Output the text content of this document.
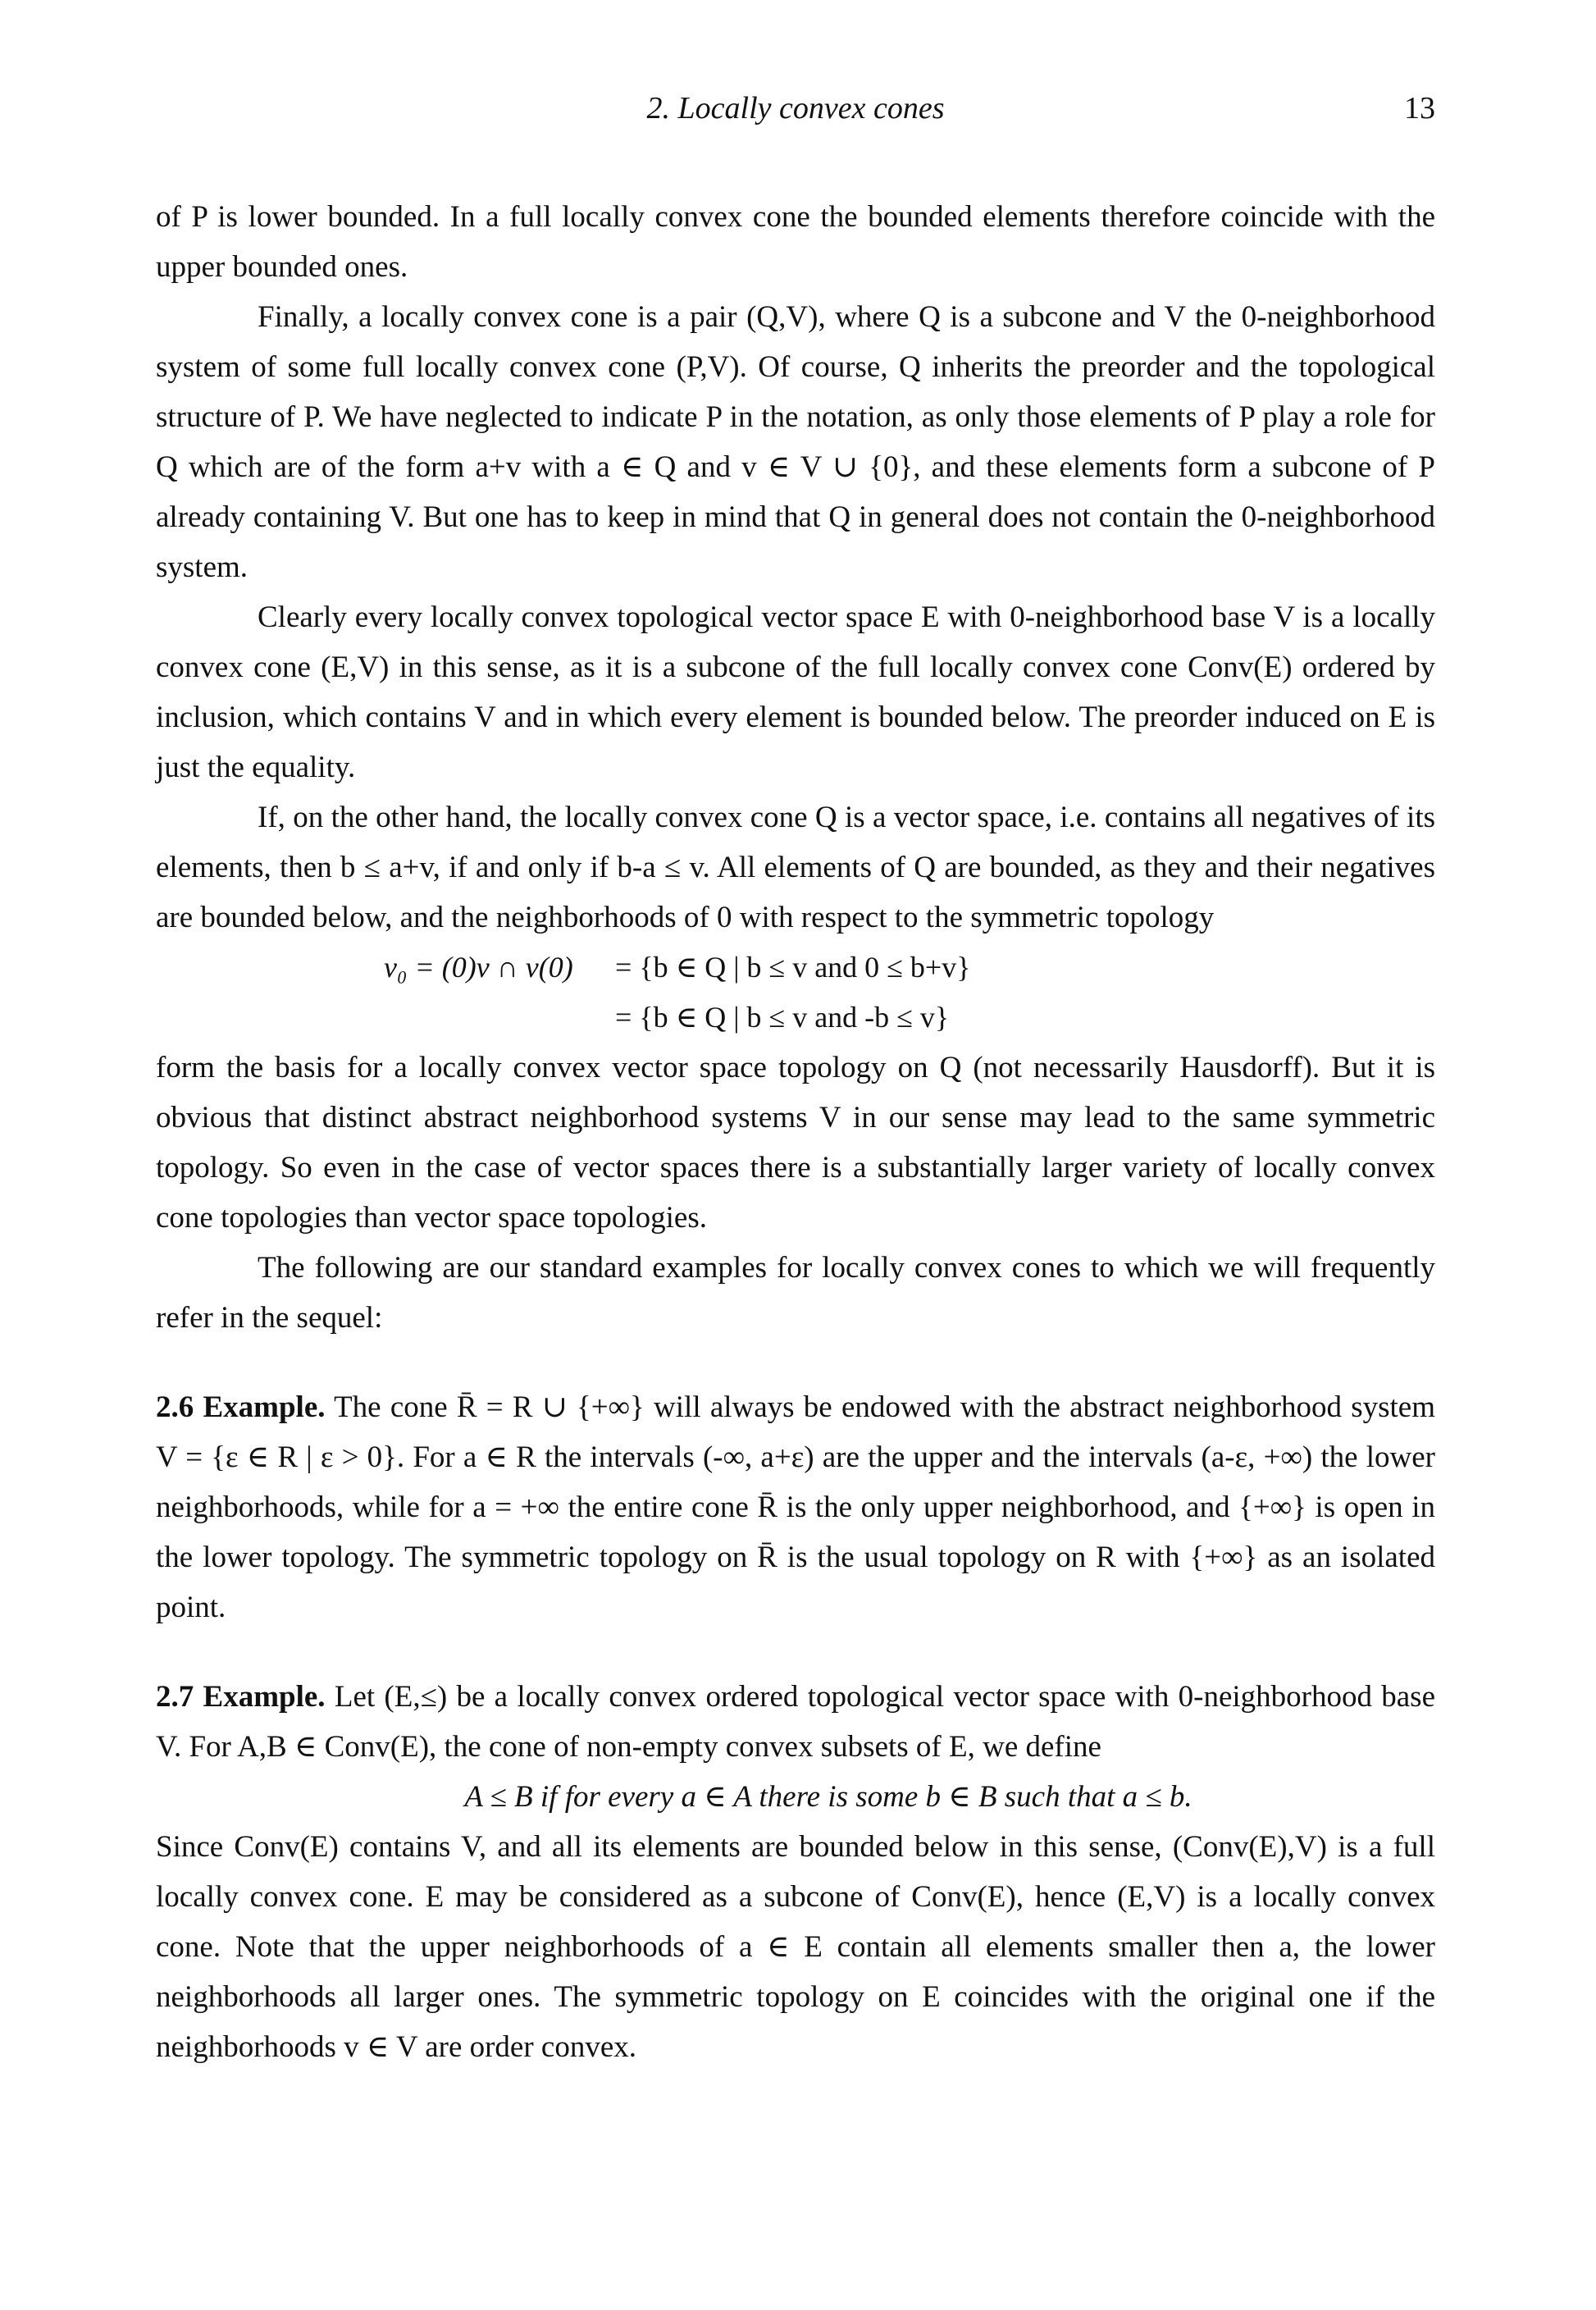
2. Locally convex cones	13

of P is lower bounded. In a full locally convex cone the bounded elements therefore coincide with the upper bounded ones.

Finally, a locally convex cone is a pair (Q,V), where Q is a subcone and V the 0-neighborhood system of some full locally convex cone (P,V). Of course, Q inherits the preorder and the topological structure of P. We have neglected to indicate P in the notation, as only those elements of P play a role for Q which are of the form a+v with a ∈ Q and v ∈ V ∪ {0}, and these elements form a subcone of P already containing V. But one has to keep in mind that Q in general does not contain the 0-neighborhood system.

Clearly every locally convex topological vector space E with 0-neighborhood base V is a locally convex cone (E,V) in this sense, as it is a subcone of the full locally convex cone Conv(E) ordered by inclusion, which contains V and in which every element is bounded below. The preorder induced on E is just the equality.

If, on the other hand, the locally convex cone Q is a vector space, i.e. contains all negatives of its elements, then b ≤ a+v, if and only if b-a ≤ v. All elements of Q are bounded, as they and their negatives are bounded below, and the neighborhoods of 0 with respect to the symmetric topology

v₀ = (0)v ∩ v(0) = {b ∈ Q | b ≤ v and 0 ≤ b+v}
= {b ∈ Q | b ≤ v and -b ≤ v}

form the basis for a locally convex vector space topology on Q (not necessarily Hausdorff). But it is obvious that distinct abstract neighborhood systems V in our sense may lead to the same symmetric topology. So even in the case of vector spaces there is a substantially larger variety of locally convex cone topologies than vector space topologies.

The following are our standard examples for locally convex cones to which we will frequently refer in the sequel:

2.6 Example. The cone R̄ = R ∪ {+∞} will always be endowed with the abstract neighborhood system V = {ε ∈ R | ε > 0}. For a ∈ R the intervals (-∞, a+ε) are the upper and the intervals (a-ε, +∞) the lower neighborhoods, while for a = +∞ the entire cone R̄ is the only upper neighborhood, and {+∞} is open in the lower topology. The symmetric topology on R̄ is the usual topology on R with {+∞} as an isolated point.

2.7 Example. Let (E,≤) be a locally convex ordered topological vector space with 0-neighborhood base V. For A,B ∈ Conv(E), the cone of non-empty convex subsets of E, we define

A ≤ B if for every a ∈ A there is some b ∈ B such that a ≤ b.

Since Conv(E) contains V, and all its elements are bounded below in this sense, (Conv(E),V) is a full locally convex cone. E may be considered as a subcone of Conv(E), hence (E,V) is a locally convex cone. Note that the upper neighborhoods of a ∈ E contain all elements smaller then a, the lower neighborhoods all larger ones. The symmetric topology on E coincides with the original one if the neighborhoods v ∈ V are order convex.
